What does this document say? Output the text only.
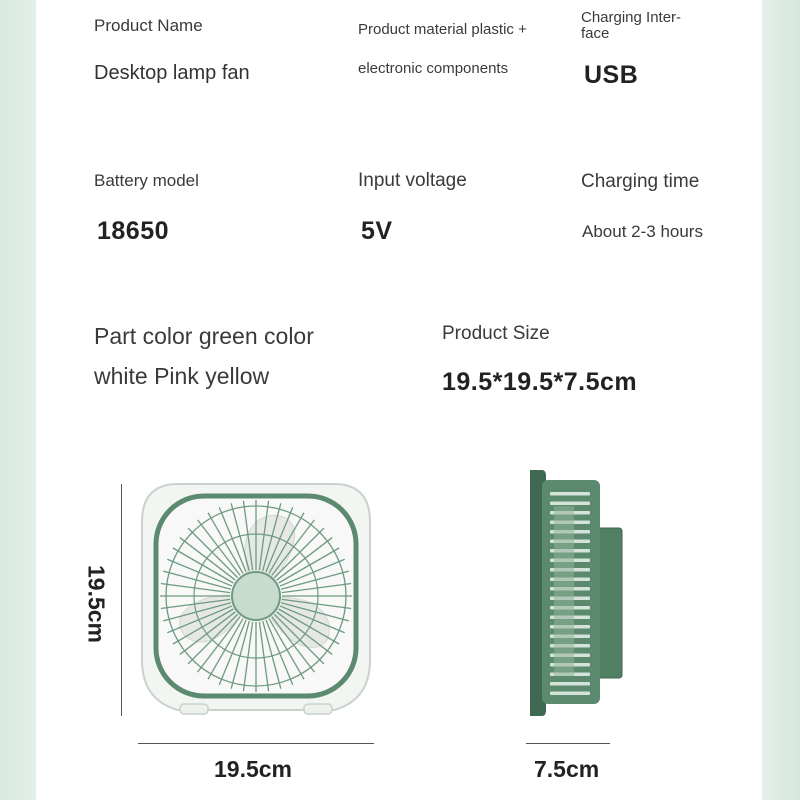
Product Name

Desktop lamp fan

Product material plastic +

electronic components

Charging Inter-

face

USB

Battery model

18650

Input voltage

5V

Charging time

About 2-3 hours

Part color green color

white Pink yellow

Product Size

19.5*19.5*7.5cm

19.5cm

19.5cm	7.5cm
